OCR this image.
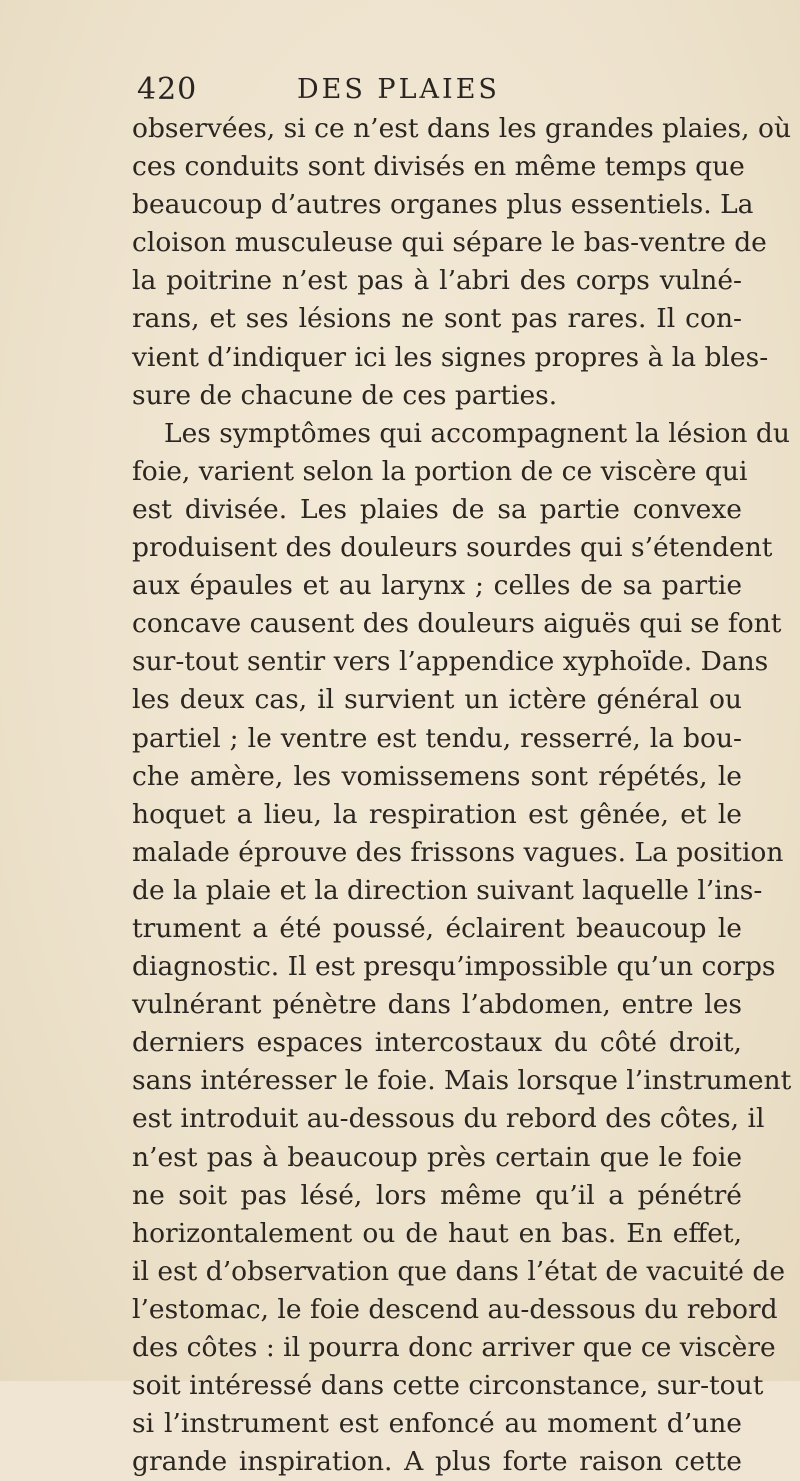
420	DES PLAIES
observées, si ce n’est dans les grandes plaies, où
ces conduits sont divisés en même temps que
beaucoup d’autres organes plus essentiels. La
cloison musculeuse qui sépare le bas-ventre de
la poitrine n’est pas à l’abri des corps vulné-
rans, et ses lésions ne sont pas rares. Il con-
vient d’indiquer ici les signes propres à la bles-
sure de chacune de ces parties.
Les symptômes qui accompagnent la lésion du
foie, varient selon la portion de ce viscère qui
est divisée. Les plaies de sa partie convexe
produisent des douleurs sourdes qui s’étendent
aux épaules et au larynx ; celles de sa partie
concave causent des douleurs aiguës qui se font
sur-tout sentir vers l’appendice xyphoïde. Dans
les deux cas, il survient un ictère général ou
partiel ; le ventre est tendu, resserré, la bou-
che amère, les vomissemens sont répétés, le
hoquet a lieu, la respiration est gênée, et le
malade éprouve des frissons vagues. La position
de la plaie et la direction suivant laquelle l’ins-
trument a été poussé, éclairent beaucoup le
diagnostic. Il est presqu’impossible qu’un corps
vulnérant pénètre dans l’abdomen, entre les
derniers espaces intercostaux du côté droit,
sans intéresser le foie. Mais lorsque l’instrument
est introduit au-dessous du rebord des côtes, il
n’est pas à beaucoup près certain que le foie
ne soit pas lésé, lors même qu’il a pénétré
horizontalement ou de haut en bas. En effet,
il est d’observation que dans l’état de vacuité de
l’estomac, le foie descend au-dessous du rebord
des côtes : il pourra donc arriver que ce viscère
soit intéressé dans cette circonstance, sur-tout
si l’instrument est enfoncé au moment d’une
grande inspiration. A plus forte raison cette
